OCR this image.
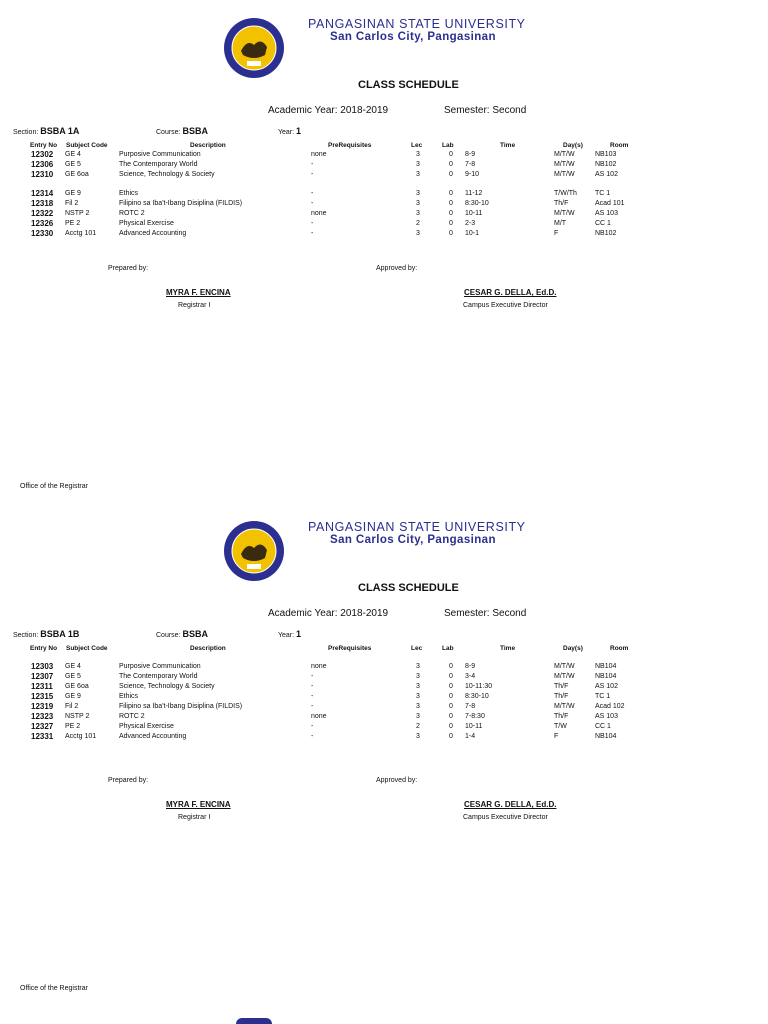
PANGASINAN STATE UNIVERSITY
San Carlos City, Pangasinan
CLASS SCHEDULE
Academic Year: 2018-2019	Semester: Second
Section: BSBA 1A	Course: BSBA	Year: 1
Entry No Subject Code	Description	PreRequisites	Lec	Lab	Time	Day(s)	Room
12302 GE 4	Purposive Communication	none	3	0 8-9	M/T/W	NB103
12306 GE 5	The Contemporary World	-	3	0 7-8	M/T/W	NB102
12310 GE 6oa	Science, Technology & Society	-	3	0 9-10	M/T/W	AS 102
12314 GE 9	Ethics	-	3	0 11-12	T/W/Th	TC 1
12318 Fil 2	Filipino sa Iba't-Ibang Disiplina (FILDIS)	-	3	0 8:30-10	Th/F	Acad 101
12322 NSTP 2	ROTC 2	none	3	0 10-11	M/T/W	AS 103
12326 PE 2	Physical Exercise	-	2	0 2-3	M/T	CC 1
12330 Acctg 101	Advanced Accounting	-	3	0 10-1	F	NB102
Prepared by:	Approved by:
MYRA F. ENCINA
Registrar I
CESAR G. DELLA, Ed.D.
Campus Executive Director
Office of the Registrar
PANGASINAN STATE UNIVERSITY
San Carlos City, Pangasinan
CLASS SCHEDULE
Academic Year: 2018-2019	Semester: Second
Section: BSBA 1B	Course: BSBA	Year: 1
Entry No Subject Code	Description	PreRequisites	Lec	Lab	Time	Day(s)	Room
12303 GE 4	Purposive Communication	none	3	0 8-9	M/T/W	NB104
12307 GE 5	The Contemporary World	-	3	0 3-4	M/T/W	NB104
12311 GE 6oa	Science, Technology & Society	-	3	0 10-11:30	Th/F	AS 102
12315 GE 9	Ethics	-	3	0 8:30-10	Th/F	TC 1
12319 Fil 2	Filipino sa Iba't-Ibang Disiplina (FILDIS)	-	3	0 7-8	M/T/W	Acad 102
12323 NSTP 2	ROTC 2	none	3	0 7-8:30	Th/F	AS 103
12327 PE 2	Physical Exercise	-	2	0 10-11	T/W	CC 1
12331 Acctg 101	Advanced Accounting	-	3	0 1-4	F	NB104
Prepared by:	Approved by:
MYRA F. ENCINA
Registrar I
CESAR G. DELLA, Ed.D.
Campus Executive Director
Office of the Registrar
